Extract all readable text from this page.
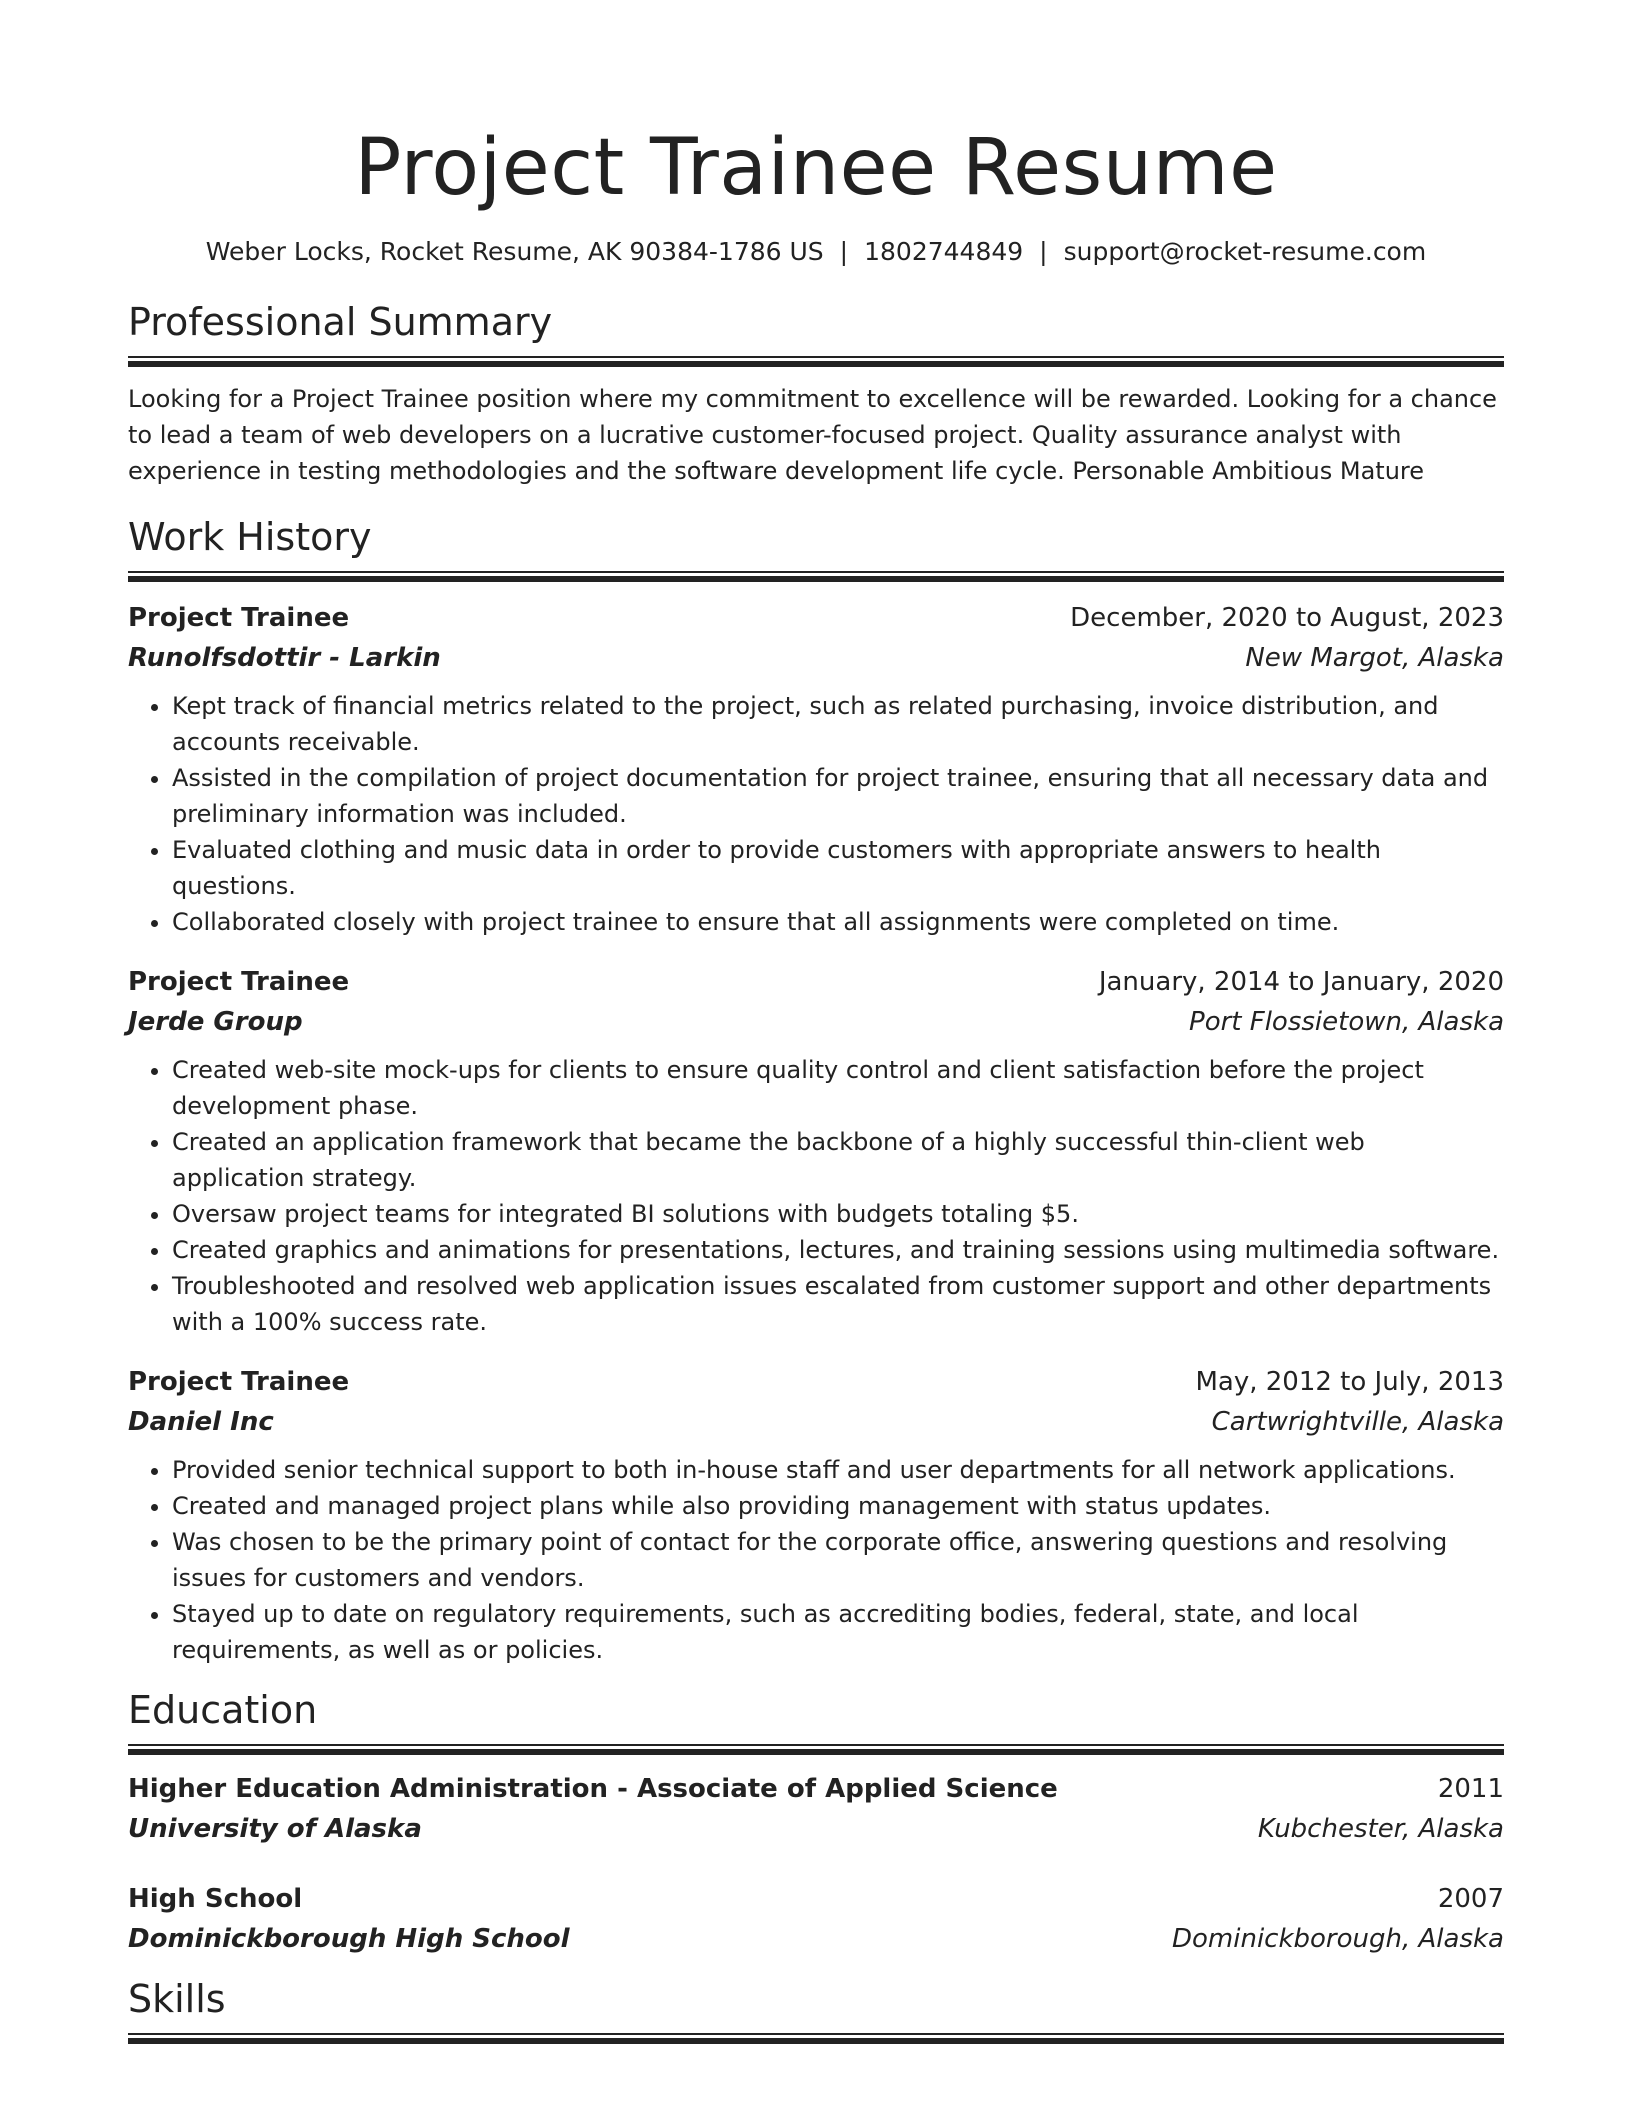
Project Trainee Resume
Weber Locks, Rocket Resume, AK 90384-1786 US | 1802744849 | support@rocket-resume.com
Professional Summary
Looking for a Project Trainee position where my commitment to excellence will be rewarded. Looking for a chance to lead a team of web developers on a lucrative customer-focused project. Quality assurance analyst with experience in testing methodologies and the software development life cycle. Personable Ambitious Mature
Work History
Project Trainee	December, 2020 to August, 2023
Runolfsdottir - Larkin	New Margot, Alaska
• Kept track of financial metrics related to the project, such as related purchasing, invoice distribution, and accounts receivable.
• Assisted in the compilation of project documentation for project trainee, ensuring that all necessary data and preliminary information was included.
• Evaluated clothing and music data in order to provide customers with appropriate answers to health questions.
• Collaborated closely with project trainee to ensure that all assignments were completed on time.
Project Trainee	January, 2014 to January, 2020
Jerde Group	Port Flossietown, Alaska
• Created web-site mock-ups for clients to ensure quality control and client satisfaction before the project development phase.
• Created an application framework that became the backbone of a highly successful thin-client web application strategy.
• Oversaw project teams for integrated BI solutions with budgets totaling $5.
• Created graphics and animations for presentations, lectures, and training sessions using multimedia software.
• Troubleshooted and resolved web application issues escalated from customer support and other departments with a 100% success rate.
Project Trainee	May, 2012 to July, 2013
Daniel Inc	Cartwrightville, Alaska
• Provided senior technical support to both in-house staff and user departments for all network applications.
• Created and managed project plans while also providing management with status updates.
• Was chosen to be the primary point of contact for the corporate office, answering questions and resolving issues for customers and vendors.
• Stayed up to date on regulatory requirements, such as accrediting bodies, federal, state, and local requirements, as well as or policies.
Education
Higher Education Administration - Associate of Applied Science	2011
University of Alaska	Kubchester, Alaska
High School	2007
Dominickborough High School	Dominickborough, Alaska
Skills
